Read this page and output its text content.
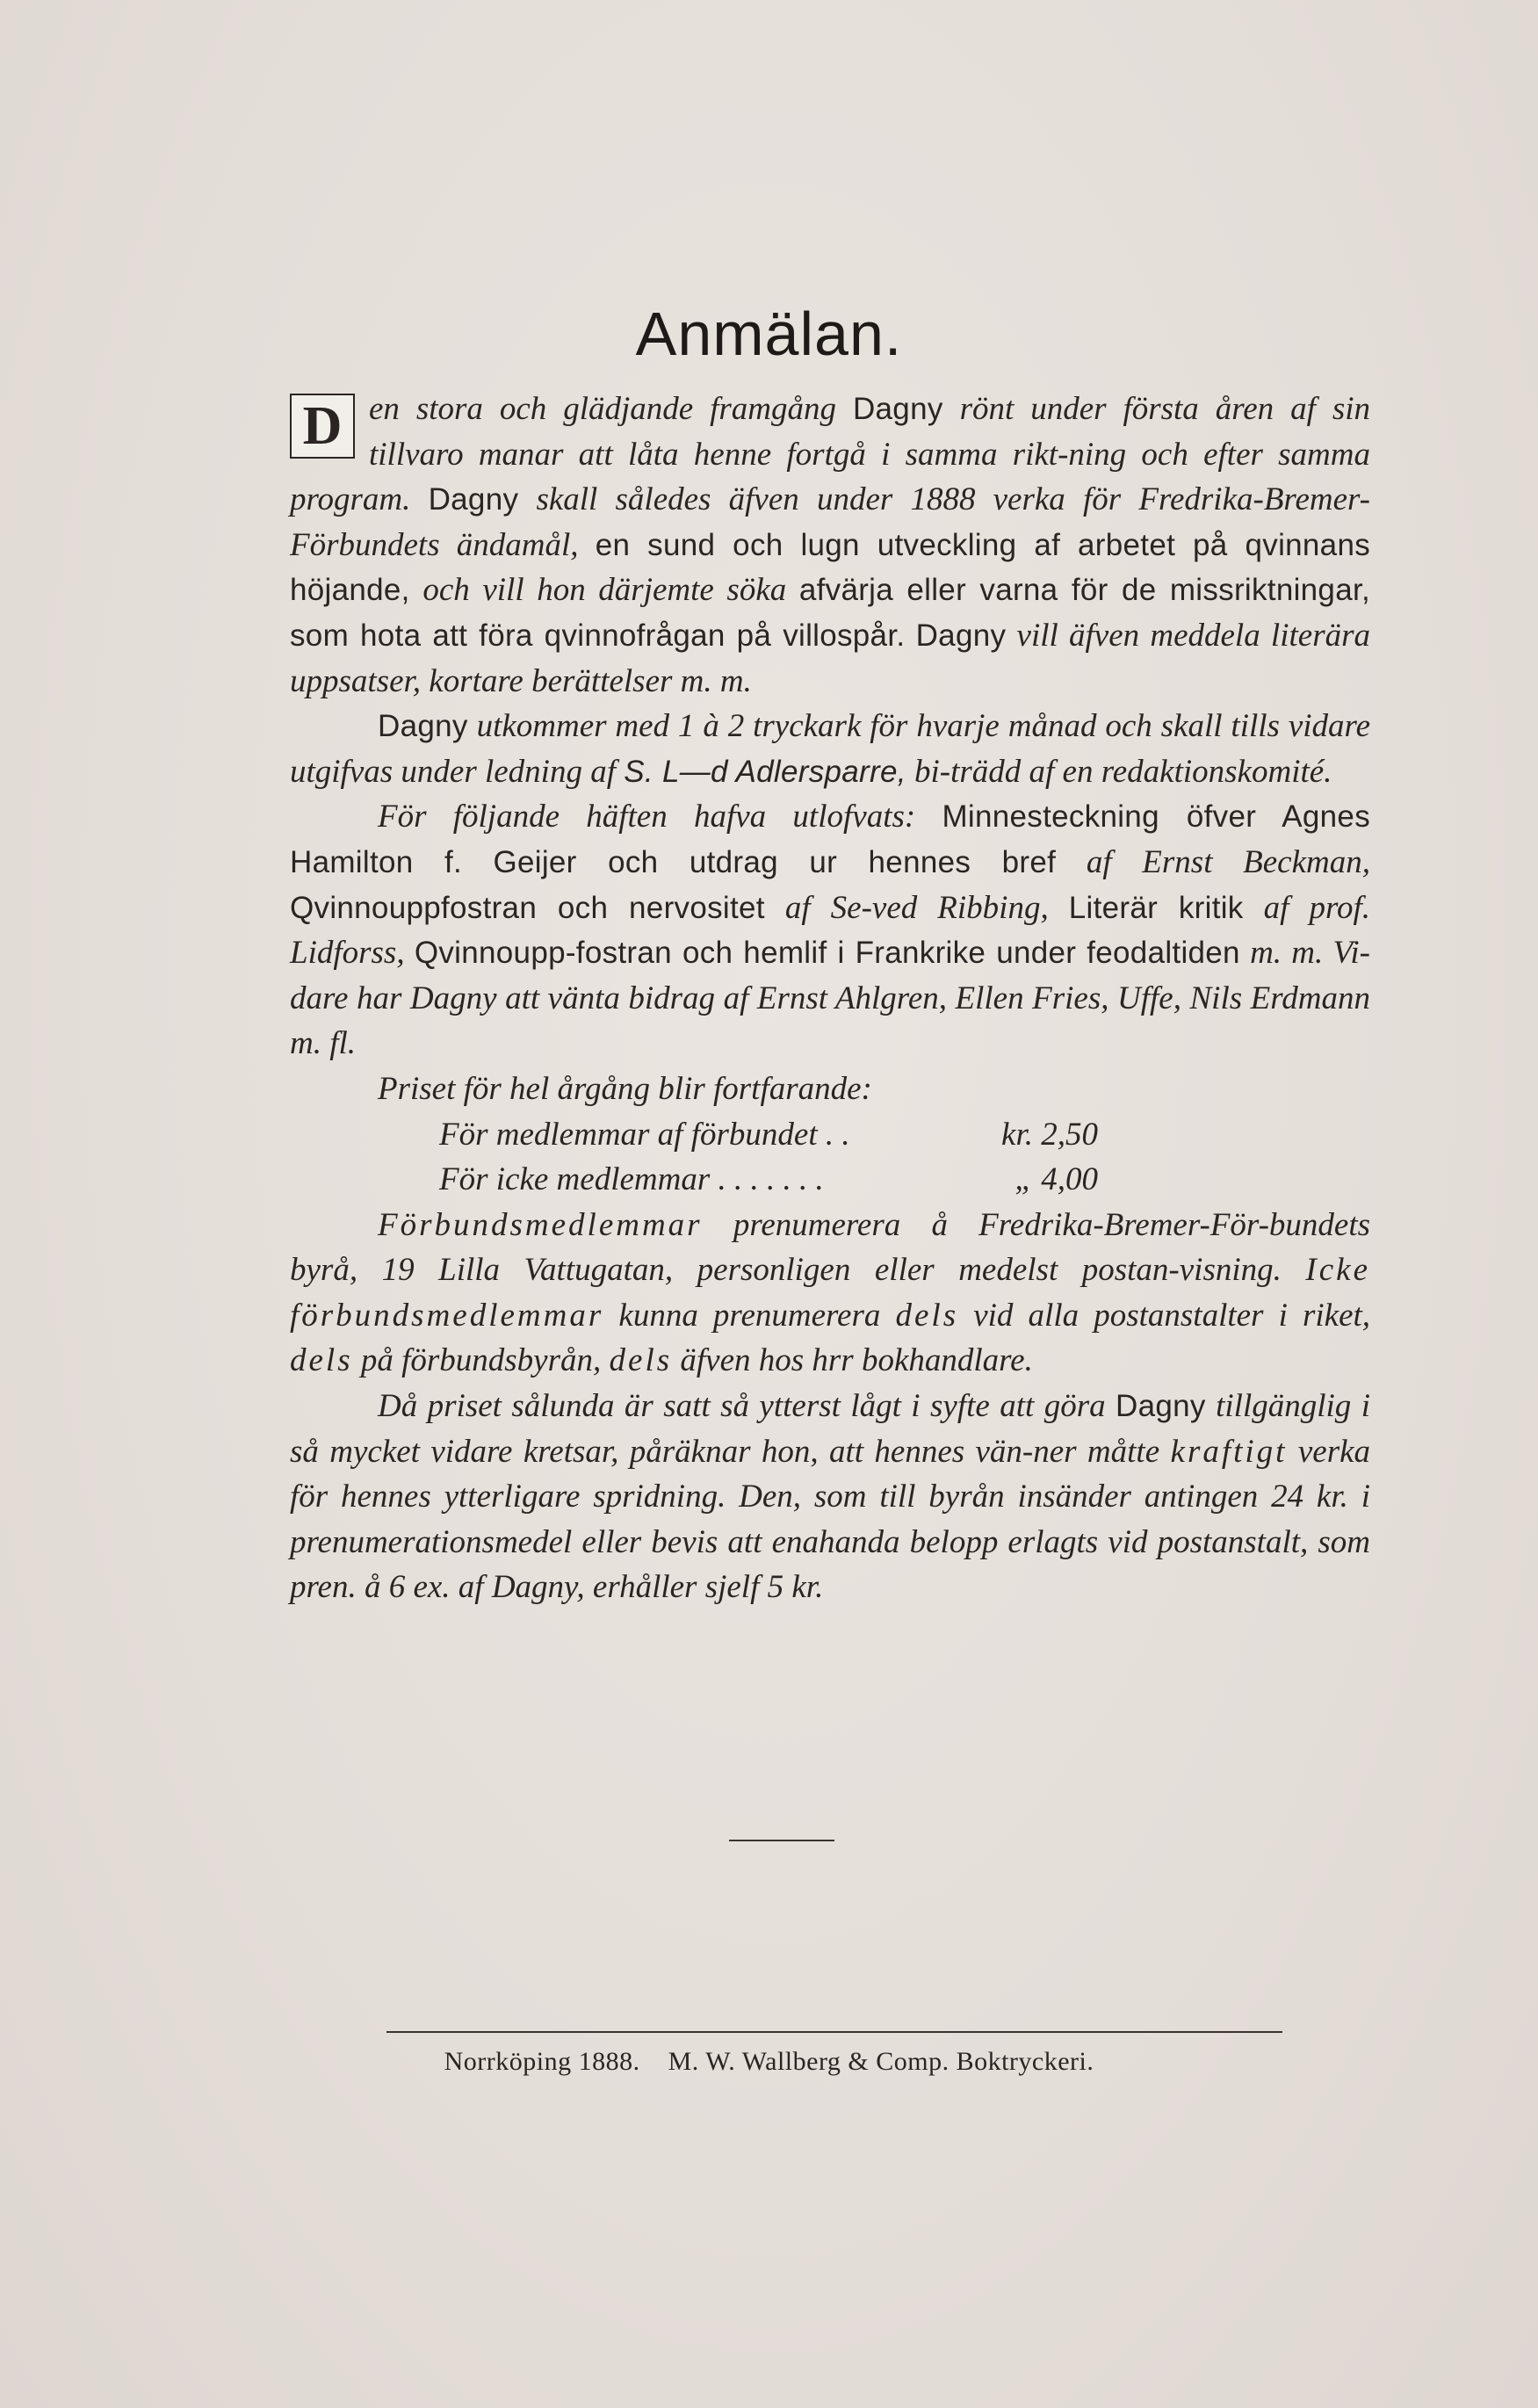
Anmälan.

D en stora och glädjande framgång Dagny rönt under första åren af sin tillvaro manar att låta henne fortgå i samma rikt-ning och efter samma program. Dagny skall således äfven under 1888 verka för Fredrika-Bremer-Förbundets ändamål, en sund och lugn utveckling af arbetet på qvinnans höjande, och vill hon därjemte söka afvärja eller varna för de missriktningar, som hota att föra qvinnofrågan på villospår. Dagny vill äfven meddela literära uppsatser, kortare berättelser m. m.

Dagny utkommer med 1 à 2 tryckark för hvarje månad och skall tills vidare utgifvas under ledning af S. L—d Adlersparre, bi-trädd af en redaktionskomité.

För följande häften hafva utlofvats: Minnesteckning öfver Agnes Hamilton f. Geijer och utdrag ur hennes bref af Ernst Beckman, Qvinnouppfostran och nervositet af Se-ved Ribbing, Literär kritik af prof. Lidforss, Qvinnoupp-fostran och hemlif i Frankrike under feodaltiden m. m. Vi-dare har Dagny att vänta bidrag af Ernst Ahlgren, Ellen Fries, Uffe, Nils Erdmann m. fl.

Priset för hel årgång blir fortfarande:

För medlemmar af förbundet . .	kr. 2,50
För icke medlemmar . . . . . . .	„ 4,00

Förbundsmedlemmar prenumerera å Fredrika-Bremer-För-bundets byrå, 19 Lilla Vattugatan, personligen eller medelst postan-visning. Icke förbundsmedlemmar kunna prenumerera dels vid alla postanstalter i riket, dels på förbundsbyrån, dels äfven hos hrr bokhandlare.

Då priset sålunda är satt så ytterst lågt i syfte att göra Dagny tillgänglig i så mycket vidare kretsar, påräknar hon, att hennes vän-ner måtte kraftigt verka för hennes ytterligare spridning. Den, som till byrån insänder antingen 24 kr. i prenumerationsmedel eller bevis att enahanda belopp erlagts vid postanstalt, som pren. å 6 ex. af Dagny, erhåller sjelf 5 kr.

Norrköping 1888. M. W. Wallberg & Comp. Boktryckeri.
